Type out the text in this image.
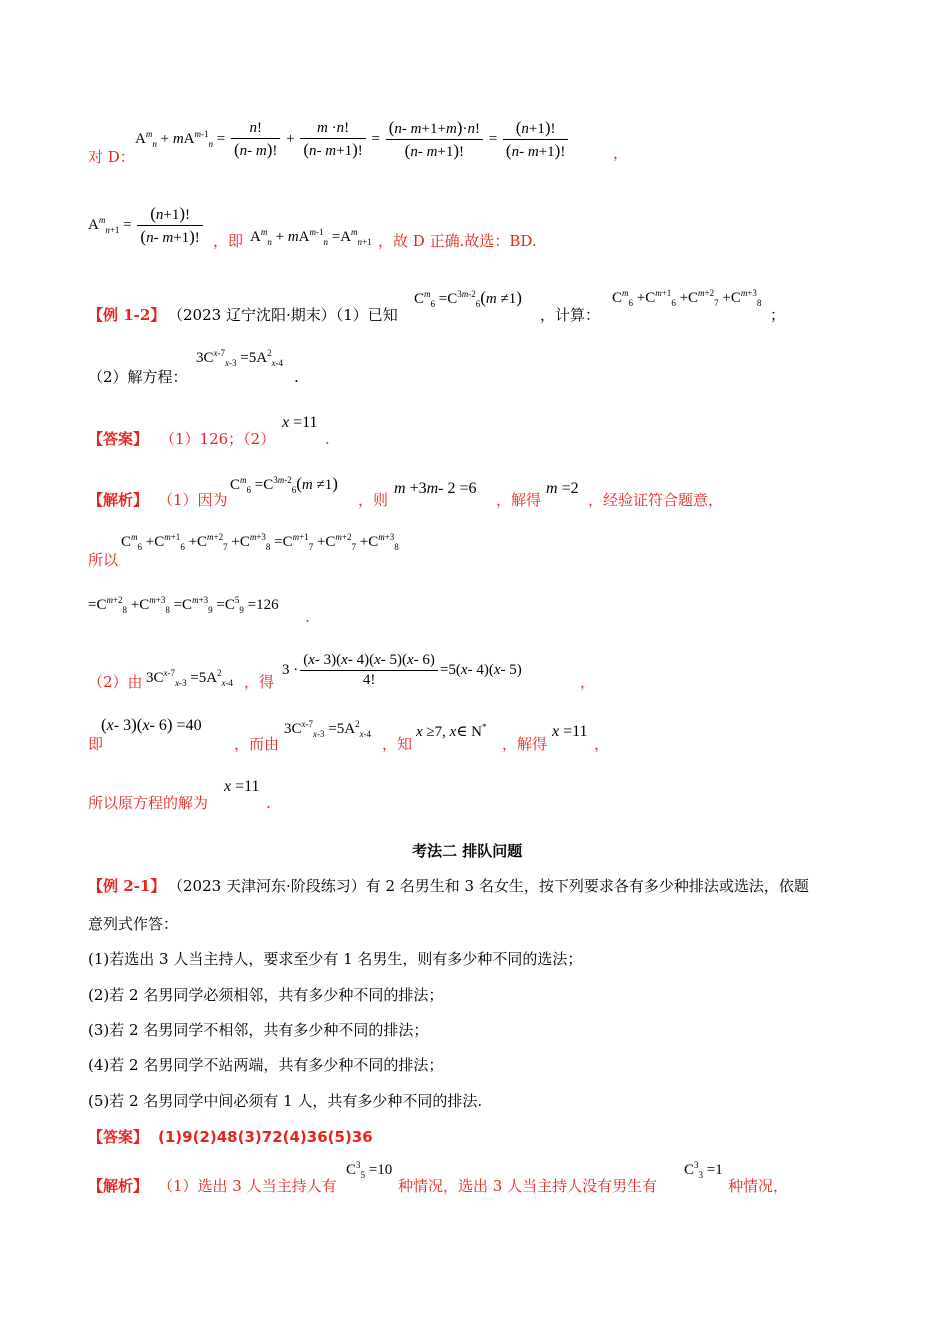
$A^m_n + mA^{m-1}_n = \frac{n!}{(n- m)!} + \frac{m \cdot n!}{(n- m+1)!} = \frac{(n- m+1+m)\cdot n!}{(n- m+1)!} = \frac{(n+1)!}{(n- m+1)!}$
对 D：	，
$A^m_{n+1} = \frac{(n+1)!}{(n- m+1)!}$ ，即 $A^m_n + mA^{m-1}_n =A^m_{n+1}$ ，故 D 正确.故选：BD.
【例 1-2】 （2023 辽宁沈阳·期末）（1）已知
$C^m_6 =C^{3m-2}_6(m \ne 1)$
，计算：
$C^m_6 +C^{m+1}_6 +C^{m+2}_7 +C^{m+3}_8$
；
（2）解方程：
$3C^{x-7}_{x-3} =5A^2_{x-4}$
.
【答案】 （1）126；（2）
x =11
.
【解析】 （1）因为
$C^m_6 =C^{3m-2}_6(m \ne 1)$
，则
m +3m- 2 =6
，解得
m =2
，经验证符合题意，
$C^m_6 +C^{m+1}_6 +C^{m+2}_7 +C^{m+3}_8 =C^{m+1}_7 +C^{m+2}_7 +C^{m+3}_8$
所以
$=C^{m+2}_8 +C^{m+3}_8 =C^{m+3}_9 =C^5_9 =126$
.
（2）由 $3C^{x-7}_{x-3} =5A^2_{x-4}$ ，得
$3 \cdot \frac{(x- 3)(x- 4)(x- 5)(x- 6)}{4!} =5(x-$ 4)(x- 5)
，
(x- 3)(x- 6) =40
即	，而由
$3C^{x-7}_{x-3} =5A^2_{x-4}$
，知
x ≥7, x∈ N*
，解得
x =11
，
所以原方程的解为
x =11
.
考法二 排队问题
【例 2-1】 （2023 天津河东·阶段练习）有 2 名男生和 3 名女生，按下列要求各有多少种排法或选法，依题
意列式作答：
(1)若选出 3 人当主持人，要求至少有 1 名男生，则有多少种不同的选法；
(2)若 2 名男同学必须相邻，共有多少种不同的排法；
(3)若 2 名男同学不相邻，共有多少种不同的排法；
(4)若 2 名男同学不站两端，共有多少种不同的排法；
(5)若 2 名男同学中间必须有 1 人，共有多少种不同的排法.
【答案】 (1)9(2)48(3)72(4)36(5)36
【解析】 （1）选出 3 人当主持人有
$C^3_5 =10$
种情况，选出 3 人当主持人没有男生有
$C^3_3 =1$
种情况，
